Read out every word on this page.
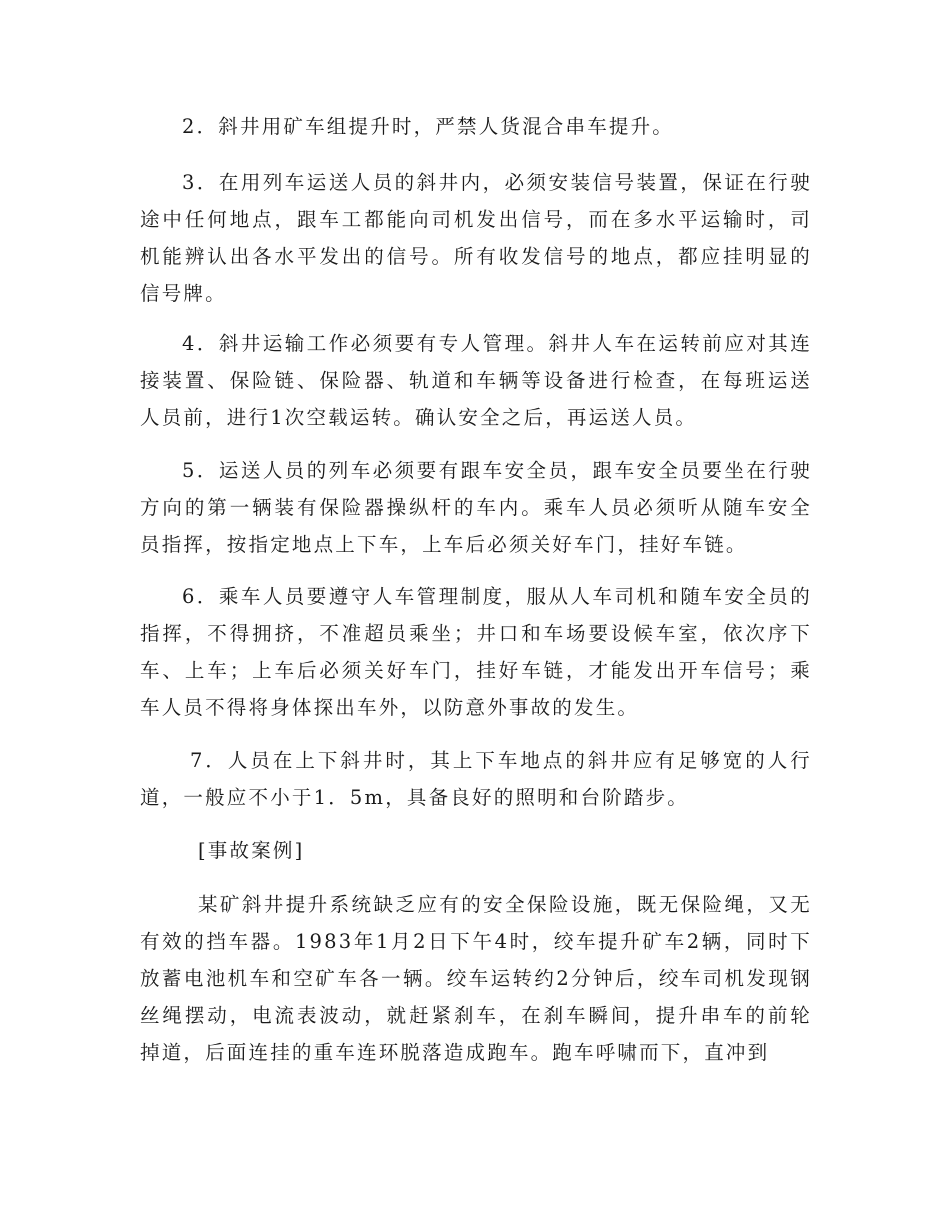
2．斜井用矿车组提升时，严禁人货混合串车提升。

3．在用列车运送人员的斜井内，必须安装信号装置，保证在行驶途中任何地点，跟车工都能向司机发出信号，而在多水平运输时，司机能辨认出各水平发出的信号。所有收发信号的地点，都应挂明显的信号牌。

4．斜井运输工作必须要有专人管理。斜井人车在运转前应对其连接装置、保险链、保险器、轨道和车辆等设备进行检查，在每班运送人员前，进行1次空载运转。确认安全之后，再运送人员。

5．运送人员的列车必须要有跟车安全员，跟车安全员要坐在行驶方向的第一辆装有保险器操纵杆的车内。乘车人员必须听从随车安全员指挥，按指定地点上下车，上车后必须关好车门，挂好车链。

6．乘车人员要遵守人车管理制度，服从人车司机和随车安全员的指挥，不得拥挤，不准超员乘坐；井口和车场要设候车室，依次序下车、上车；上车后必须关好车门，挂好车链，才能发出开车信号；乘车人员不得将身体探出车外，以防意外事故的发生。

7．人员在上下斜井时，其上下车地点的斜井应有足够宽的人行道，一般应不小于1．5m，具备良好的照明和台阶踏步。

[事故案例]

某矿斜井提升系统缺乏应有的安全保险设施，既无保险绳，又无有效的挡车器。1983年1月2日下午4时，绞车提升矿车2辆，同时下放蓄电池机车和空矿车各一辆。绞车运转约2分钟后，绞车司机发现钢丝绳摆动，电流表波动，就赶紧刹车，在刹车瞬间，提升串车的前轮掉道，后面连挂的重车连环脱落造成跑车。跑车呼啸而下，直冲到
